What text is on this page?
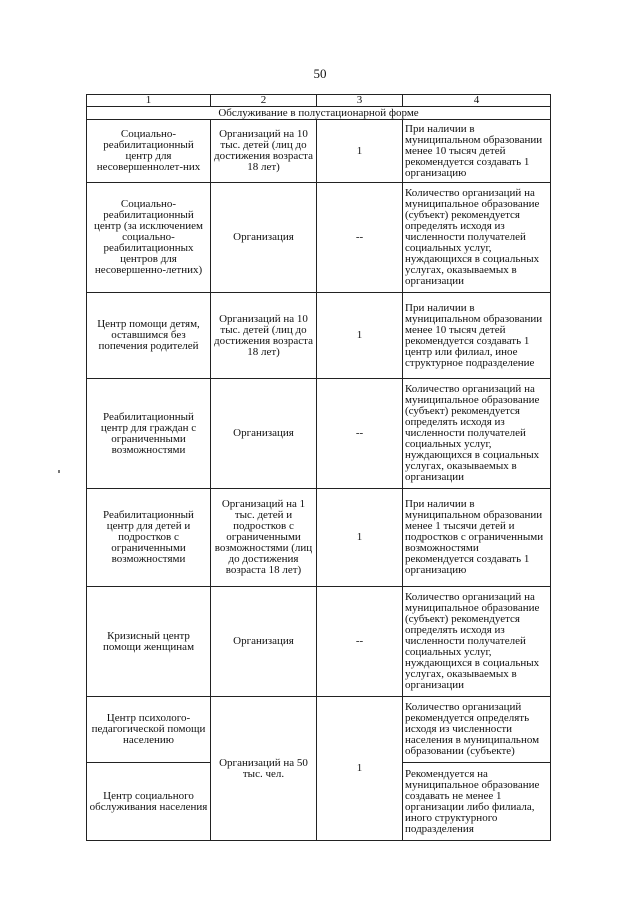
50
1	2	3	4
Обслуживание в полустационарной форме			
Социально-реабилитационный центр для несовершеннолет-них	Организаций на 10 тыс. детей (лиц до достижения возраста 18 лет)	1	При наличии в муниципальном образовании менее 10 тысяч детей рекомендуется создавать 1 организацию
Социально-реабилитационный центр (за исключением социально-реабилитационных центров для несовершенно-летних)	Организация	--	Количество организаций на муниципальное образование (субъект) рекомендуется определять исходя из численности получателей социальных услуг, нуждающихся в социальных услугах, оказываемых в организации
Центр помощи детям, оставшимся без попечения родителей	Организаций на 10 тыс. детей (лиц до достижения возраста 18 лет)	1	При наличии в муниципальном образовании менее 10 тысяч детей рекомендуется создавать 1 центр или филиал, иное структурное подразделение
Реабилитационный центр для граждан с ограниченными возможностями	Организация	--	Количество организаций на муниципальное образование (субъект) рекомендуется определять исходя из численности получателей социальных услуг, нуждающихся в социальных услугах, оказываемых в организации
Реабилитационный центр для детей и подростков с ограниченными возможностями	Организаций на 1 тыс. детей и подростков с ограниченными возможностями (лиц до достижения возраста 18 лет)	1	При наличии в муниципальном образовании менее 1 тысячи детей и подростков с ограниченными возможностями рекомендуется создавать 1 организацию
Кризисный центр помощи женщинам	Организация	--	Количество организаций на муниципальное образование (субъект) рекомендуется определять исходя из численности получателей социальных услуг, нуждающихся в социальных услугах, оказываемых в организации
Центр психолого-педагогической помощи населению	Организаций на 50 тыс. чел.	1	Количество организаций рекомендуется определять исходя из численности населения в муниципальном образовании (субъекте)
Центр социального обслуживания населения			Рекомендуется на муниципальное образование создавать не менее 1 организации либо филиала, иного структурного подразделения
